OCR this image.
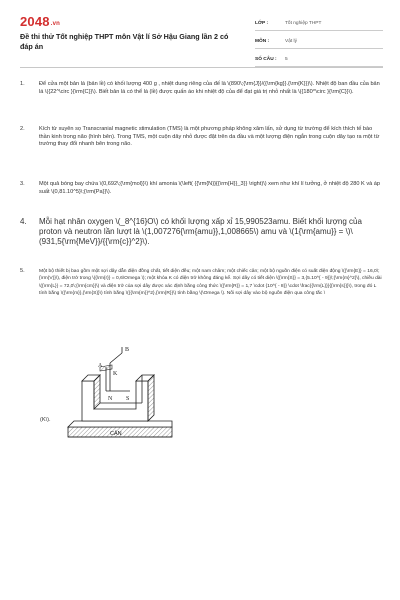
2048.vn
Đề thi thử Tốt nghiệp THPT môn Vật lí Sở Hậu Giang lần 2 có đáp án
LỚP :	Tốt nghiệp THPT
MÔN :	Vật lý
SỐ CÂU :	5
1.	Để cửa một bản lá (bản lề) có khối lượng 400 g , nhiệt dung riêng của đế là \(890\;{\rm{J}}/({\rm{kg}}.{\rm{K}})\). Nhiệt độ ban đầu của bản lá \({22^\circ }{\rm{C}}\). Biết bản lá có thể lá (lề) được quấn áo khi nhiệt độ của để đạt giá trị nhỏ nhất là \({180^\circ }{\rm{C}}\).
2.	Kích từ xuyên sọ Transcranial magnetic stimulation (TMS) là một phương pháp không xâm lấn, sử dụng từ trường để kích thích tế bào thần kinh trong não (hình bên). Trong TMS, một cuộn dây nhỏ được đặt trên da đầu và một lượng điện ngắn trong cuộn dây tạo ra một từ trường thay đổi nhanh bên trong não.
3.	Một quả bóng bay chứa \(0,692\;{\rm{mol}}\) khí amonia \(\left( {{\rm{N}}{{\rm{H}}_3}} \right)\) xem như khí lí tưởng, ở nhiệt độ 280 K và áp suất \(0,81.10^5}\;{\rm{Pa}}\).
4.	Mỗi hạt nhân oxygen \(_8^{16}O\) có khối lượng xấp xỉ 15,990523amu. Biết khối lượng của proton và neutron lần lượt là \(1,007276{\rm{amu}},1,008665\) amu và \(1{\rm{amu}} = \)\(931,5{\rm{MeV}}/{{\rm{c}}^2}\).
5.	Một bộ thiết bị bao gồm một sợi dây dẫn điện đồng chất, tiết diện đều; một nam châm; một chiếc cân; một bộ nguồn điện có suất điện động \({\rm{E}} = 16,0\;{\rm{V}}\), điện trở trong \({\rm{r}} = 0,6\Omega \); một khóa K có điện trở không đáng kể. Sợi dây có tiết diện \({\rm{S}} = 3,{5.10^{ - 9}}\;{\rm{m}^2}\), chiều dài \({\rm{L}} = 72,0\;{\rm{cm}}\) và điện trở của sợi dây được xác định bằng công thức \({\rm{R}} = 1,7 \cdot {10^{ - 8}} \cdot \frac{{\rm{L}}}{{\rm{s}}}\), trong đó L tính bằng \({\rm{m}},{\rm{S}}\) tính bằng \({{\rm{m}}^2},{\rm{R}}\) tính bằng \(\Omega \). Nối sợi dây vào bộ nguồn điện qua công tắc \
B
A
K
N S
CÂN
(K\).
